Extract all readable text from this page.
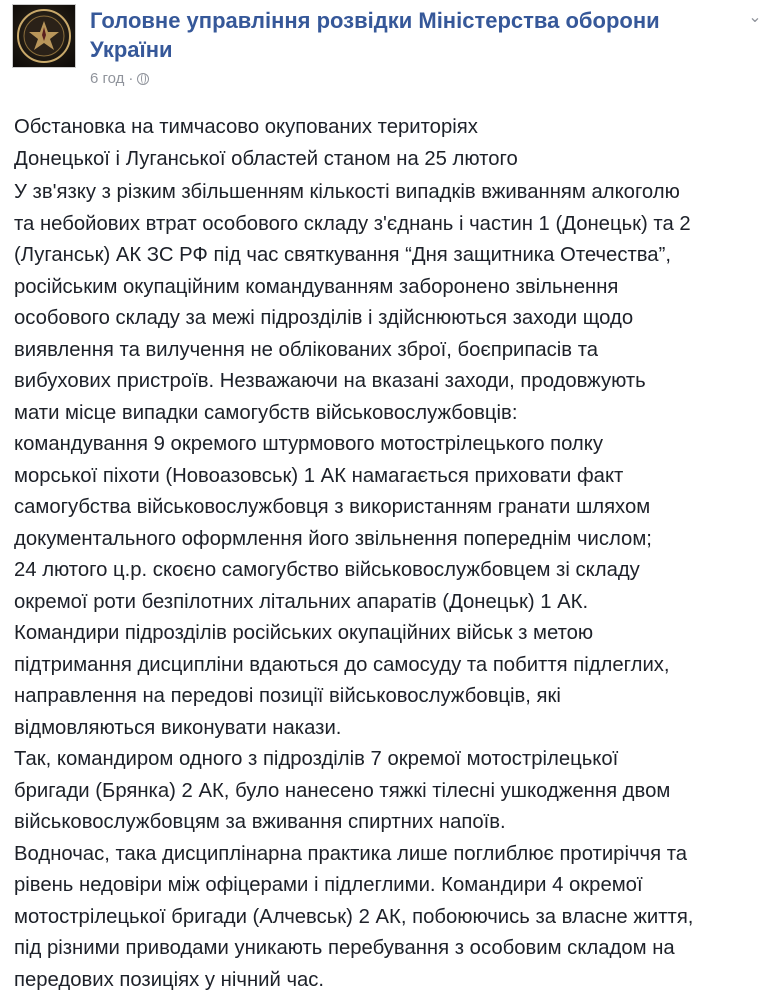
Головне управління розвідки Міністерства оборони
України
6 год ·
⌄

Обстановка на тимчасово окупованих територіях

Донецької і Луганської областей станом на 25 лютого

У зв'язку з різким збільшенням кількості випадків вживанням алкоголю

та небойових втрат особового складу з'єднань і частин 1 (Донецьк) та 2

(Луганськ) АК ЗС РФ під час святкування “Дня защитника Отечества”,

російським окупаційним командуванням заборонено звільнення

особового складу за межі підрозділів і здійснюються заходи щодо

виявлення та вилучення не облікованих зброї, боєприпасів та

вибухових пристроїв. Незважаючи на вказані заходи, продовжують

мати місце випадки самогубств військовослужбовців:

командування 9 окремого штурмового мотострілецького полку

морської піхоти (Новоазовськ) 1 АК намагається приховати факт

самогубства військовослужбовця з використанням гранати шляхом

документального оформлення його звільнення попереднім числом;

24 лютого ц.р. скоєно самогубство військовослужбовцем зі складу

окремої роти безпілотних літальних апаратів (Донецьк) 1 АК.

Командири підрозділів російських окупаційних військ з метою

підтримання дисципліни вдаються до самосуду та побиття підлеглих,

направлення на передові позиції військовослужбовців, які

відмовляються виконувати накази.

Так, командиром одного з підрозділів 7 окремої мотострілецької

бригади (Брянка) 2 АК, було нанесено тяжкі тілесні ушкодження двом

військовослужбовцям за вживання спиртних напоїв.

Водночас, така дисциплінарна практика лише поглиблює протиріччя та

рівень недовіри між офіцерами і підлеглими. Командири 4 окремої

мотострілецької бригади (Алчевськ) 2 АК, побоюючись за власне життя,

під різними приводами уникають перебування з особовим складом на

передових позиціях у нічний час.
